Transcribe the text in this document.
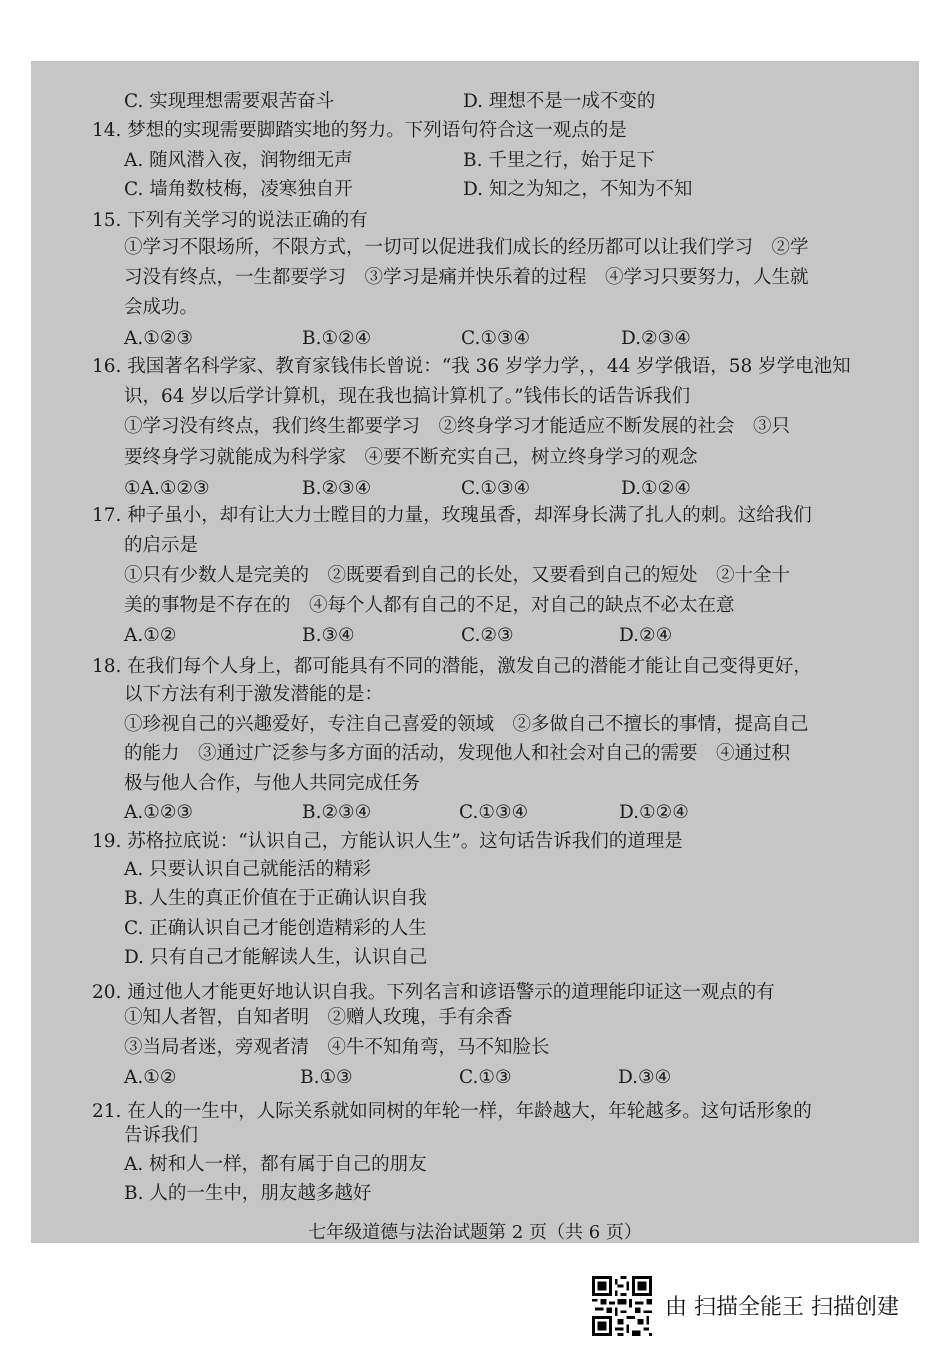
C. 实现理想需要艰苦奋斗	D. 理想不是一成不变的
14. 梦想的实现需要脚踏实地的努力。下列语句符合这一观点的是
A. 随风潜入夜，润物细无声	B. 千里之行，始于足下
C. 墙角数枝梅，凌寒独自开	D. 知之为知之，不知为不知
15. 下列有关学习的说法正确的有
①学习不限场所，不限方式，一切可以促进我们成长的经历都可以让我们学习　②学
习没有终点，一生都要学习　③学习是痛并快乐着的过程　④学习只要努力，人生就
会成功。
A.①②③	B.①②④	C.①③④	D.②③④
16. 我国著名科学家、教育家钱伟长曾说：“我 36 岁学力学，，44 岁学俄语，58 岁学电池知
识，64 岁以后学计算机，现在我也搞计算机了。”钱伟长的话告诉我们
①学习没有终点，我们终生都要学习　②终身学习才能适应不断发展的社会　③只
要终身学习就能成为科学家　④要不断充实自己，树立终身学习的观念
①A.①②③	B.②③④	C.①③④	D.①②④
17. 种子虽小，却有让大力士瞠目的力量，玫瑰虽香，却浑身长满了扎人的刺。这给我们
的启示是
①只有少数人是完美的　②既要看到自己的长处，又要看到自己的短处　②十全十
美的事物是不存在的　④每个人都有自己的不足，对自己的缺点不必太在意
A.①②	B.③④	C.②③	D.②④
18. 在我们每个人身上，都可能具有不同的潜能，激发自己的潜能才能让自己变得更好，
以下方法有利于激发潜能的是：
①珍视自己的兴趣爱好，专注自己喜爱的领域　②多做自己不擅长的事情，提高自己
的能力　③通过广泛参与多方面的活动，发现他人和社会对自己的需要　④通过积
极与他人合作，与他人共同完成任务
A.①②③	B.②③④	C.①③④	D.①②④
19. 苏格拉底说：“认识自己，方能认识人生”。这句话告诉我们的道理是
A. 只要认识自己就能活的精彩
B. 人生的真正价值在于正确认识自我
C. 正确认识自己才能创造精彩的人生
D. 只有自己才能解读人生，认识自己
20. 通过他人才能更好地认识自我。下列名言和谚语警示的道理能印证这一观点的有
①知人者智，自知者明　②赠人玫瑰，手有余香
③当局者迷，旁观者清　④牛不知角弯，马不知脸长
A.①②	B.①③	C.①③	D.③④
21. 在人的一生中，人际关系就如同树的年轮一样，年龄越大，年轮越多。这句话形象的
告诉我们
A. 树和人一样，都有属于自己的朋友
B. 人的一生中，朋友越多越好
七年级道德与法治试题第 2 页（共 6 页）
由 扫描全能王 扫描创建
